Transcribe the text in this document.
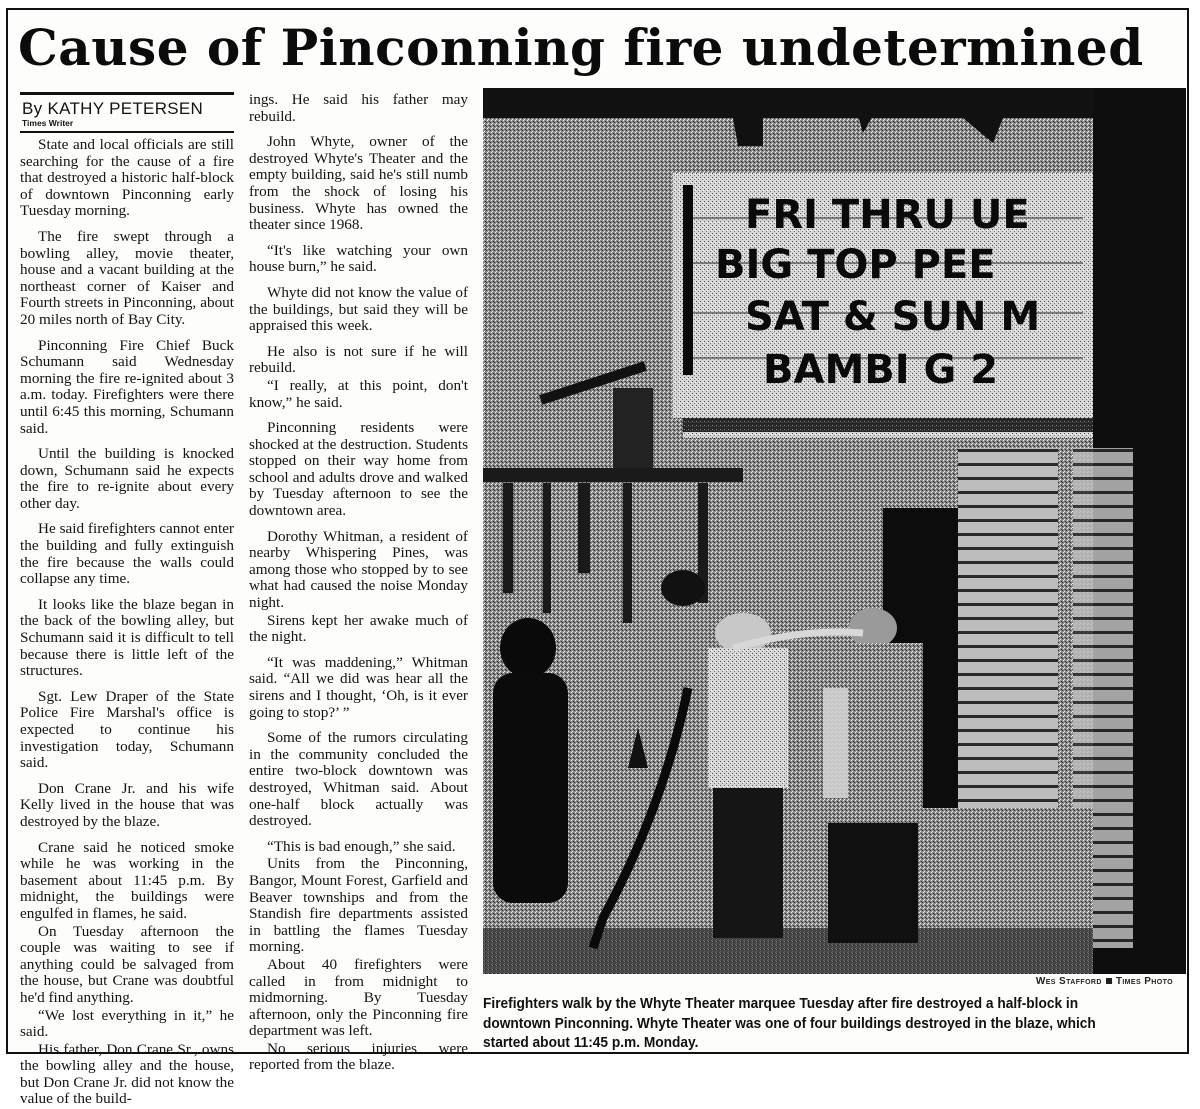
Cause of Pinconning fire undetermined
By KATHY PETERSEN
Times Writer

State and local officials are still searching for the cause of a fire that destroyed a historic half-block of downtown Pinconning early Tuesday morning.

The fire swept through a bowling alley, movie theater, house and a vacant building at the northeast corner of Kaiser and Fourth streets in Pinconning, about 20 miles north of Bay City.

Pinconning Fire Chief Buck Schumann said Wednesday morning the fire re-ignited about 3 a.m. today. Firefighters were there until 6:45 this morning, Schumann said.

Until the building is knocked down, Schumann said he expects the fire to re-ignite about every other day.

He said firefighters cannot enter the building and fully extinguish the fire because the walls could collapse any time.

It looks like the blaze began in the back of the bowling alley, but Schumann said it is difficult to tell because there is little left of the structures.

Sgt. Lew Draper of the State Police Fire Marshal's office is expected to continue his investigation today, Schumann said.

Don Crane Jr. and his wife Kelly lived in the house that was destroyed by the blaze.

Crane said he noticed smoke while he was working in the basement about 11:45 p.m. By midnight, the buildings were engulfed in flames, he said.

On Tuesday afternoon the couple was waiting to see if anything could be salvaged from the house, but Crane was doubtful he'd find anything.

“We lost everything in it,” he said.

His father, Don Crane Sr., owns the bowling alley and the house, but Don Crane Jr. did not know the value of the build-

ings. He said his father may rebuild.

John Whyte, owner of the destroyed Whyte's Theater and the empty building, said he's still numb from the shock of losing his business. Whyte has owned the theater since 1968.

“It's like watching your own house burn,” he said.

Whyte did not know the value of the buildings, but said they will be appraised this week.

He also is not sure if he will rebuild.

“I really, at this point, don't know,” he said.

Pinconning residents were shocked at the destruction. Students stopped on their way home from school and adults drove and walked by Tuesday afternoon to see the downtown area.

Dorothy Whitman, a resident of nearby Whispering Pines, was among those who stopped by to see what had caused the noise Monday night.

Sirens kept her awake much of the night.

“It was maddening,” Whitman said. “All we did was hear all the sirens and I thought, ‘Oh, is it ever going to stop?’ ”

Some of the rumors circulating in the community concluded the entire two-block downtown was destroyed, Whitman said. About one-half block actually was destroyed.

“This is bad enough,” she said.

Units from the Pinconning, Bangor, Mount Forest, Garfield and Beaver townships and from the Standish fire departments assisted in battling the flames Tuesday morning.

About 40 firefighters were called in from midnight to midmorning. By Tuesday afternoon, only the Pinconning fire department was left.

No serious injuries were reported from the blaze.

FRI THRU UE
BIG TOP PEE
SAT & SUN M
BAMBI G 2
Wes Stafford Times Photo
Firefighters walk by the Whyte Theater marquee Tuesday after fire destroyed a half-block in downtown Pinconning. Whyte Theater was one of four buildings destroyed in the blaze, which started about 11:45 p.m. Monday.
